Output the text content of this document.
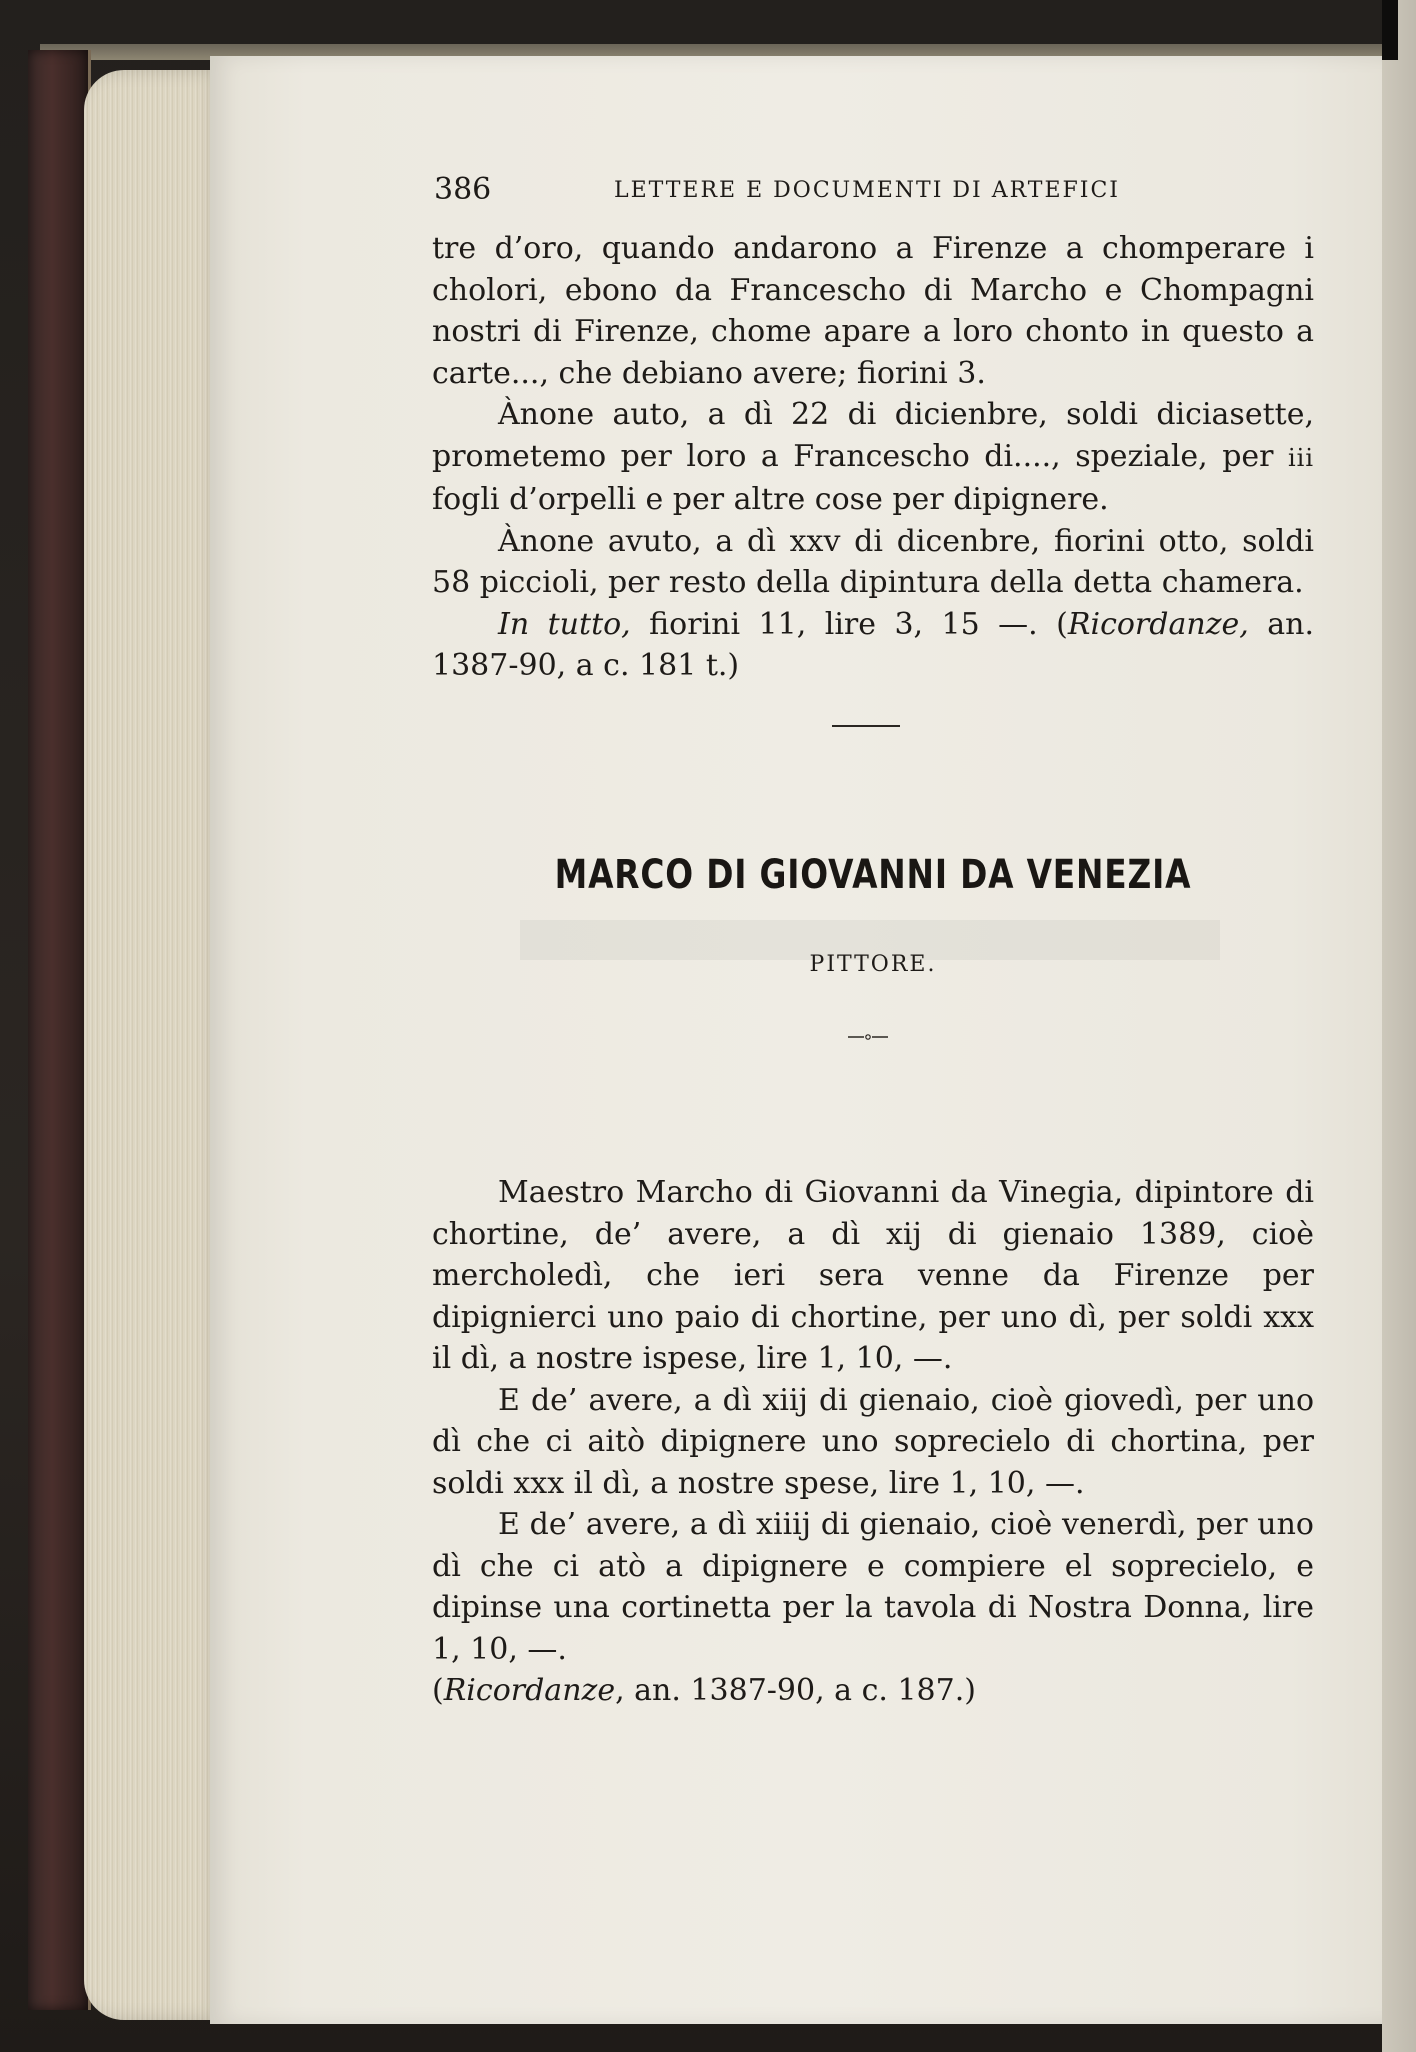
386	LETTERE E DOCUMENTI DI ARTEFICI

tre d’oro, quando andarono a Firenze a chomperare i cholori, ebono da Francescho di Marcho e Chompagni nostri di Firenze, chome apare a loro chonto in questo a carte..., che debiano avere; fiorini 3.

Ànone auto, a dì 22 di dicienbre, soldi diciasette, prometemo per loro a Francescho di...., speziale, per iii fogli d’orpelli e per altre cose per dipignere.

Ànone avuto, a dì xxv di dicenbre, fiorini otto, soldi 58 piccioli, per resto della dipintura della detta chamera.

In tutto, fiorini 11, lire 3, 15 —. (Ricordanze, an. 1387-90, a c. 181 t.)

MARCO DI GIOVANNI DA VENEZIA
PITTORE.

Maestro Marcho di Giovanni da Vinegia, dipintore di chortine, de’ avere, a dì xij di gienaio 1389, cioè mercholedì, che ieri sera venne da Firenze per dipignierci uno paio di chortine, per uno dì, per soldi xxx il dì, a nostre ispese, lire 1, 10, —.

E de’ avere, a dì xiij di gienaio, cioè giovedì, per uno dì che ci aitò dipignere uno soprecielo di chortina, per soldi xxx il dì, a nostre spese, lire 1, 10, —.

E de’ avere, a dì xiiij di gienaio, cioè venerdì, per uno dì che ci atò a dipignere e compiere el soprecielo, e dipinse una cortinetta per la tavola di Nostra Donna, lire 1, 10, —.

(Ricordanze, an. 1387-90, a c. 187.)
